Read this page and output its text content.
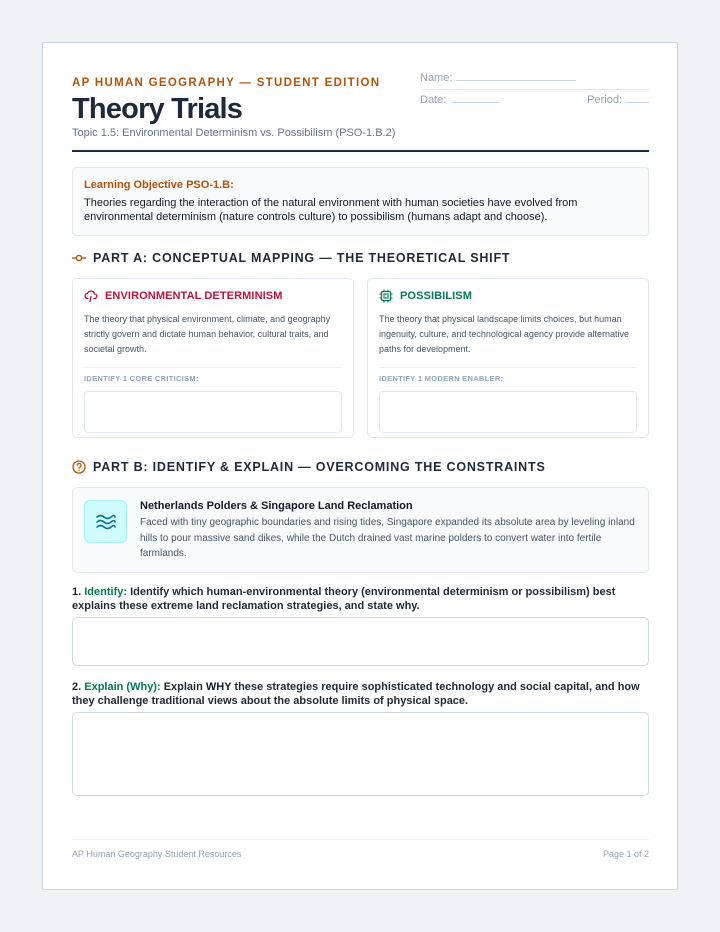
AP HUMAN GEOGRAPHY — STUDENT EDITION
Theory Trials
Topic 1.5: Environmental Determinism vs. Possibilism (PSO-1.B.2)
Name:
Date:	Period:
Learning Objective PSO-1.B:
Theories regarding the interaction of the natural environment with human societies have evolved from environmental determinism (nature controls culture) to possibilism (humans adapt and choose).
PART A: CONCEPTUAL MAPPING — THE THEORETICAL SHIFT
ENVIRONMENTAL DETERMINISM
The theory that physical environment, climate, and geography strictly govern and dictate human behavior, cultural traits, and societal growth.
IDENTIFY 1 CORE CRITICISM:
POSSIBILISM
The theory that physical landscape limits choices, but human ingenuity, culture, and technological agency provide alternative paths for development.
IDENTIFY 1 MODERN ENABLER:
PART B: IDENTIFY & EXPLAIN — OVERCOMING THE CONSTRAINTS
Netherlands Polders & Singapore Land Reclamation
Faced with tiny geographic boundaries and rising tides, Singapore expanded its absolute area by leveling inland hills to pour massive sand dikes, while the Dutch drained vast marine polders to convert water into fertile farmlands.
1. Identify: Identify which human-environmental theory (environmental determinism or possibilism) best explains these extreme land reclamation strategies, and state why.
2. Explain (Why): Explain WHY these strategies require sophisticated technology and social capital, and how they challenge traditional views about the absolute limits of physical space.
AP Human Geography Student Resources	Page 1 of 2
